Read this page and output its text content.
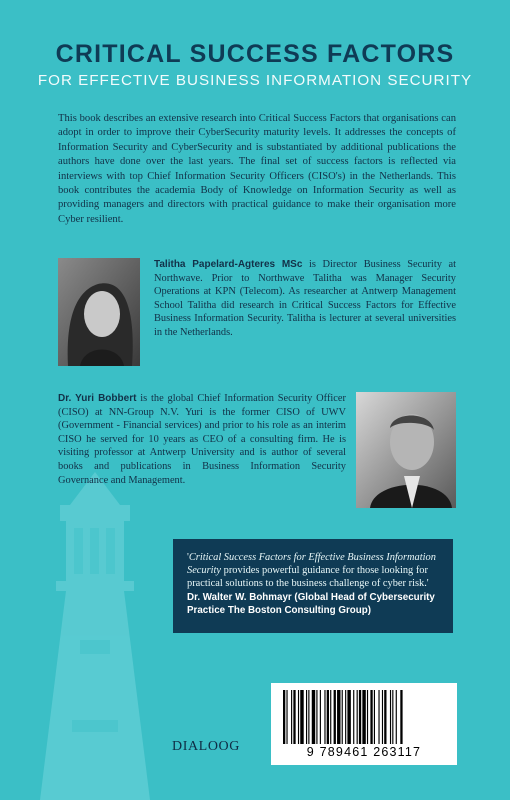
CRITICAL SUCCESS FACTORS
FOR EFFECTIVE BUSINESS INFORMATION SECURITY
This book describes an extensive research into Critical Success Factors that organisations can adopt in order to improve their CyberSecurity maturity levels. It addresses the concepts of Information Security and CyberSecurity and is substantiated by additional publications the authors have done over the last years. The final set of success factors is reflected via interviews with top Chief Information Security Officers (CISO's) in the Netherlands. This book contributes the academia Body of Knowledge on Information Security as well as providing managers and directors with practical guidance to make their organisation more Cyber resilient.
Talitha Papelard-Agteres MSc is Director Business Security at Northwave. Prior to Northwave Talitha was Manager Security Operations at KPN (Telecom). As researcher at Antwerp Management School Talitha did research in Critical Success Factors for Effective Business Information Security. Talitha is lecturer at several universities in the Netherlands.
Dr. Yuri Bobbert is the global Chief Information Security Officer (CISO) at NN-Group N.V. Yuri is the former CISO of UWV (Government - Financial services) and prior to his role as an interim CISO he served for 10 years as CEO of a consulting firm. He is visiting professor at Antwerp University and is author of several books and publications in Business Information Security Governance and Management.
'Critical Success Factors for Effective Business Information Security provides powerful guidance for those looking for practical solutions to the business challenge of cyber risk.'
Dr. Walter W. Bohmayr (Global Head of Cybersecurity Practice The Boston Consulting Group)
DIALOOG	9 789461 263117
